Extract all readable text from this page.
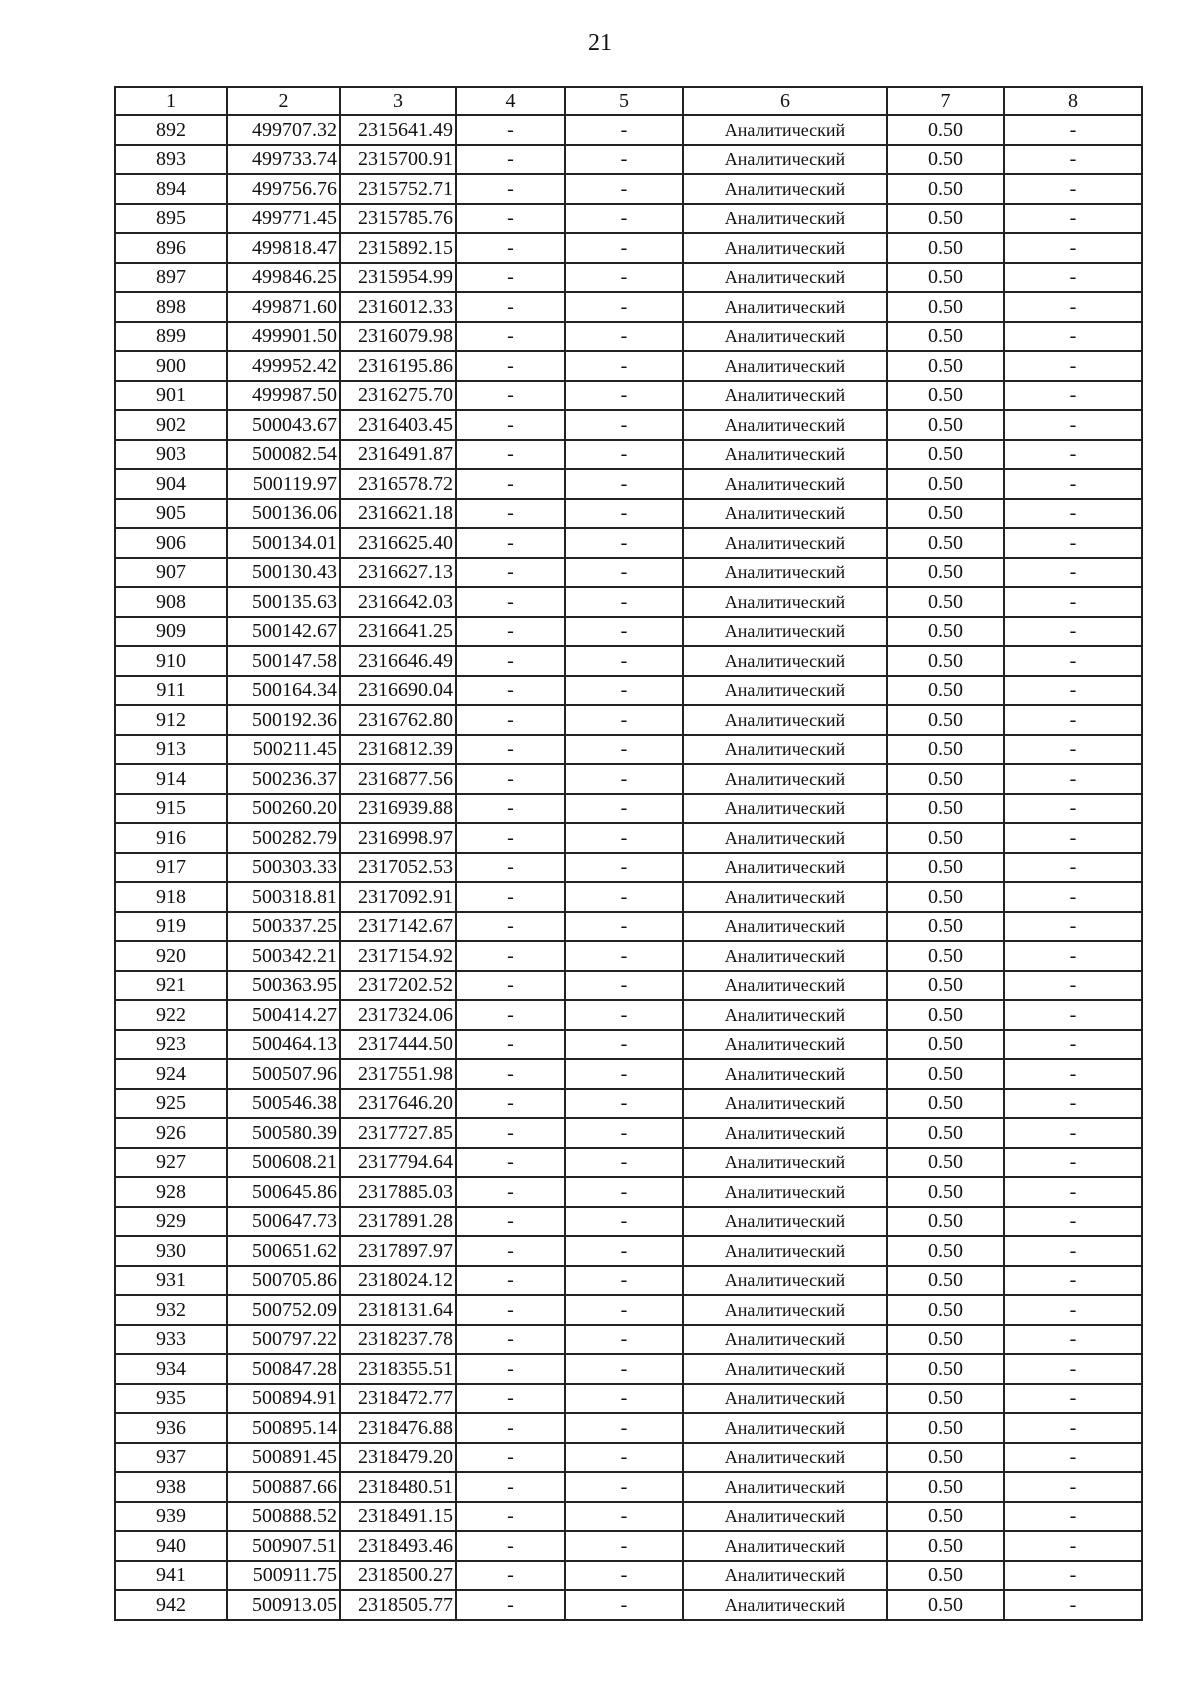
21
1	2	3	4	5	6	7	8
892	499707.32	2315641.49	-	-	Аналитический	0.50	-
893	499733.74	2315700.91	-	-	Аналитический	0.50	-
894	499756.76	2315752.71	-	-	Аналитический	0.50	-
895	499771.45	2315785.76	-	-	Аналитический	0.50	-
896	499818.47	2315892.15	-	-	Аналитический	0.50	-
897	499846.25	2315954.99	-	-	Аналитический	0.50	-
898	499871.60	2316012.33	-	-	Аналитический	0.50	-
899	499901.50	2316079.98	-	-	Аналитический	0.50	-
900	499952.42	2316195.86	-	-	Аналитический	0.50	-
901	499987.50	2316275.70	-	-	Аналитический	0.50	-
902	500043.67	2316403.45	-	-	Аналитический	0.50	-
903	500082.54	2316491.87	-	-	Аналитический	0.50	-
904	500119.97	2316578.72	-	-	Аналитический	0.50	-
905	500136.06	2316621.18	-	-	Аналитический	0.50	-
906	500134.01	2316625.40	-	-	Аналитический	0.50	-
907	500130.43	2316627.13	-	-	Аналитический	0.50	-
908	500135.63	2316642.03	-	-	Аналитический	0.50	-
909	500142.67	2316641.25	-	-	Аналитический	0.50	-
910	500147.58	2316646.49	-	-	Аналитический	0.50	-
911	500164.34	2316690.04	-	-	Аналитический	0.50	-
912	500192.36	2316762.80	-	-	Аналитический	0.50	-
913	500211.45	2316812.39	-	-	Аналитический	0.50	-
914	500236.37	2316877.56	-	-	Аналитический	0.50	-
915	500260.20	2316939.88	-	-	Аналитический	0.50	-
916	500282.79	2316998.97	-	-	Аналитический	0.50	-
917	500303.33	2317052.53	-	-	Аналитический	0.50	-
918	500318.81	2317092.91	-	-	Аналитический	0.50	-
919	500337.25	2317142.67	-	-	Аналитический	0.50	-
920	500342.21	2317154.92	-	-	Аналитический	0.50	-
921	500363.95	2317202.52	-	-	Аналитический	0.50	-
922	500414.27	2317324.06	-	-	Аналитический	0.50	-
923	500464.13	2317444.50	-	-	Аналитический	0.50	-
924	500507.96	2317551.98	-	-	Аналитический	0.50	-
925	500546.38	2317646.20	-	-	Аналитический	0.50	-
926	500580.39	2317727.85	-	-	Аналитический	0.50	-
927	500608.21	2317794.64	-	-	Аналитический	0.50	-
928	500645.86	2317885.03	-	-	Аналитический	0.50	-
929	500647.73	2317891.28	-	-	Аналитический	0.50	-
930	500651.62	2317897.97	-	-	Аналитический	0.50	-
931	500705.86	2318024.12	-	-	Аналитический	0.50	-
932	500752.09	2318131.64	-	-	Аналитический	0.50	-
933	500797.22	2318237.78	-	-	Аналитический	0.50	-
934	500847.28	2318355.51	-	-	Аналитический	0.50	-
935	500894.91	2318472.77	-	-	Аналитический	0.50	-
936	500895.14	2318476.88	-	-	Аналитический	0.50	-
937	500891.45	2318479.20	-	-	Аналитический	0.50	-
938	500887.66	2318480.51	-	-	Аналитический	0.50	-
939	500888.52	2318491.15	-	-	Аналитический	0.50	-
940	500907.51	2318493.46	-	-	Аналитический	0.50	-
941	500911.75	2318500.27	-	-	Аналитический	0.50	-
942	500913.05	2318505.77	-	-	Аналитический	0.50	-
